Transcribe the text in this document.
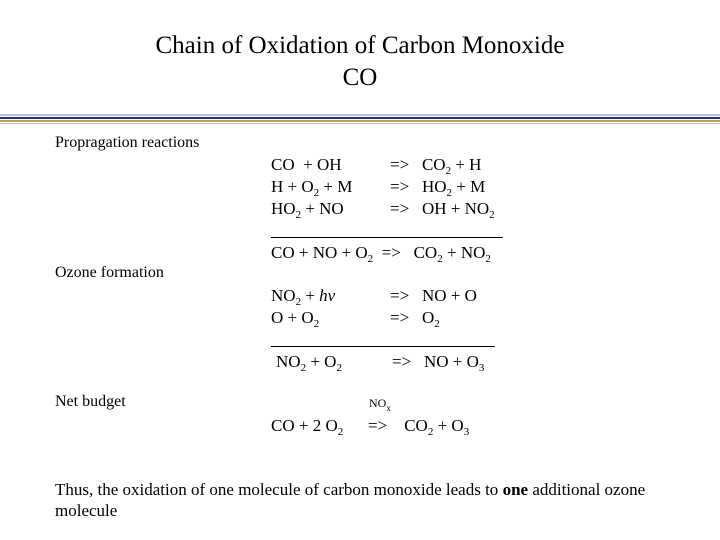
Chain of Oxidation of Carbon Monoxide
CO
Propragation reactions
Ozone formation
Net budget
CO + OH	=> $CO_2 + H$
$H + O_2 + M => HO_2 + M$
$HO_2$ + NO	=> OH + $NO_2$
CO + NO + $O_2 => CO_2 + NO_2$
$NO_2$ + hv	=> NO + O
$O + O_2$	=> $O_2$
$NO_2 + O_2$	=> NO + $O_3$
$NO_x$
CO + 2 $O_2 => CO_2 + O_3$
Thus, the oxidation of one molecule of carbon monoxide leads to one additional ozone
molecule
